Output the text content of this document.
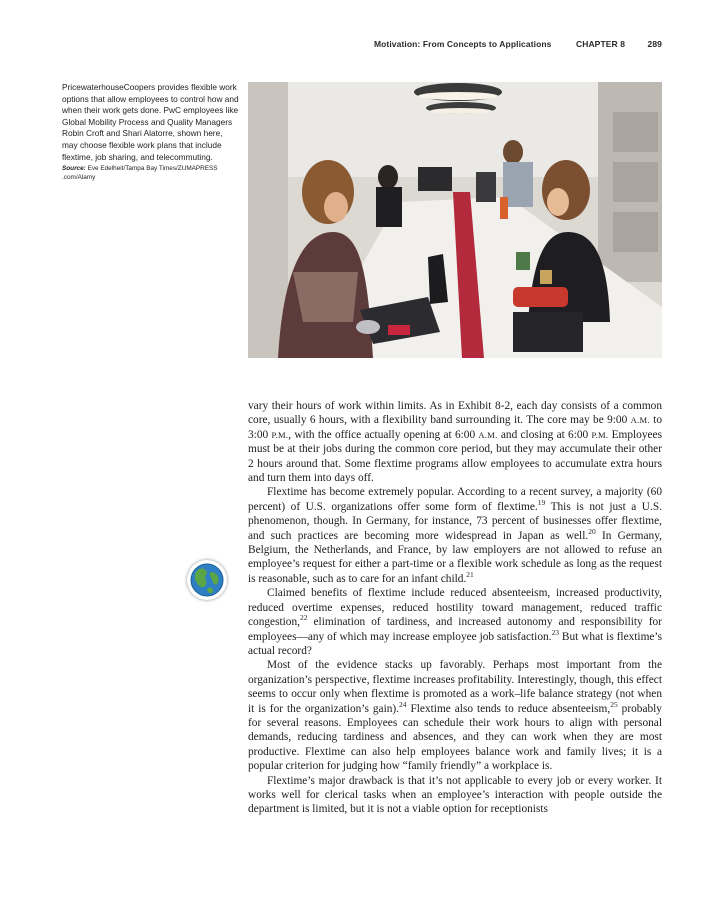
Motivation: From Concepts to Applications	CHAPTER 8	289
PricewaterhouseCoopers provides flexible work options that allow employees to control how and when their work gets done. PwC employees like Global Mobility Process and Quality Managers Robin Croft and Shari Alatorre, shown here, may choose flexible work plans that include flextime, job sharing, and telecommuting.
Source: Eve Edelheit/Tampa Bay Times/ZUMAPRESS .com/Alamy

vary their hours of work within limits. As in Exhibit 8-2, each day consists of a common core, usually 6 hours, with a flexibility band surrounding it. The core may be 9:00 A.M. to 3:00 P.M., with the office actually opening at 6:00 A.M. and closing at 6:00 P.M. Employees must be at their jobs during the common core period, but they may accumulate their other 2 hours around that. Some flextime programs allow employees to accumulate extra hours and turn them into days off.

Flextime has become extremely popular. According to a recent survey, a majority (60 percent) of U.S. organizations offer some form of flextime.$^{19}$ This is not just a U.S. phenomenon, though. In Germany, for instance, 73 percent of businesses offer flextime, and such practices are becoming more widespread in Japan as well.$^{20}$ In Germany, Belgium, the Netherlands, and France, by law employers are not allowed to refuse an employee’s request for either a part-time or a flexible work schedule as long as the request is reasonable, such as to care for an infant child.$^{21}$

Claimed benefits of flextime include reduced absenteeism, increased productivity, reduced overtime expenses, reduced hostility toward management, reduced traffic congestion,$^{22}$ elimination of tardiness, and increased autonomy and responsibility for employees—any of which may increase employee job satisfaction.$^{23}$ But what is flextime’s actual record?

Most of the evidence stacks up favorably. Perhaps most important from the organization’s perspective, flextime increases profitability. Interestingly, though, this effect seems to occur only when flextime is promoted as a work–life balance strategy (not when it is for the organization’s gain).$^{24}$ Flextime also tends to reduce absenteeism,$^{25}$ probably for several reasons. Employees can schedule their work hours to align with personal demands, reducing tardiness and absences, and they can work when they are most productive. Flextime can also help employees balance work and family lives; it is a popular criterion for judging how “family friendly” a workplace is.

Flextime’s major drawback is that it’s not applicable to every job or every worker. It works well for clerical tasks when an employee’s interaction with people outside the department is limited, but it is not a viable option for receptionists
